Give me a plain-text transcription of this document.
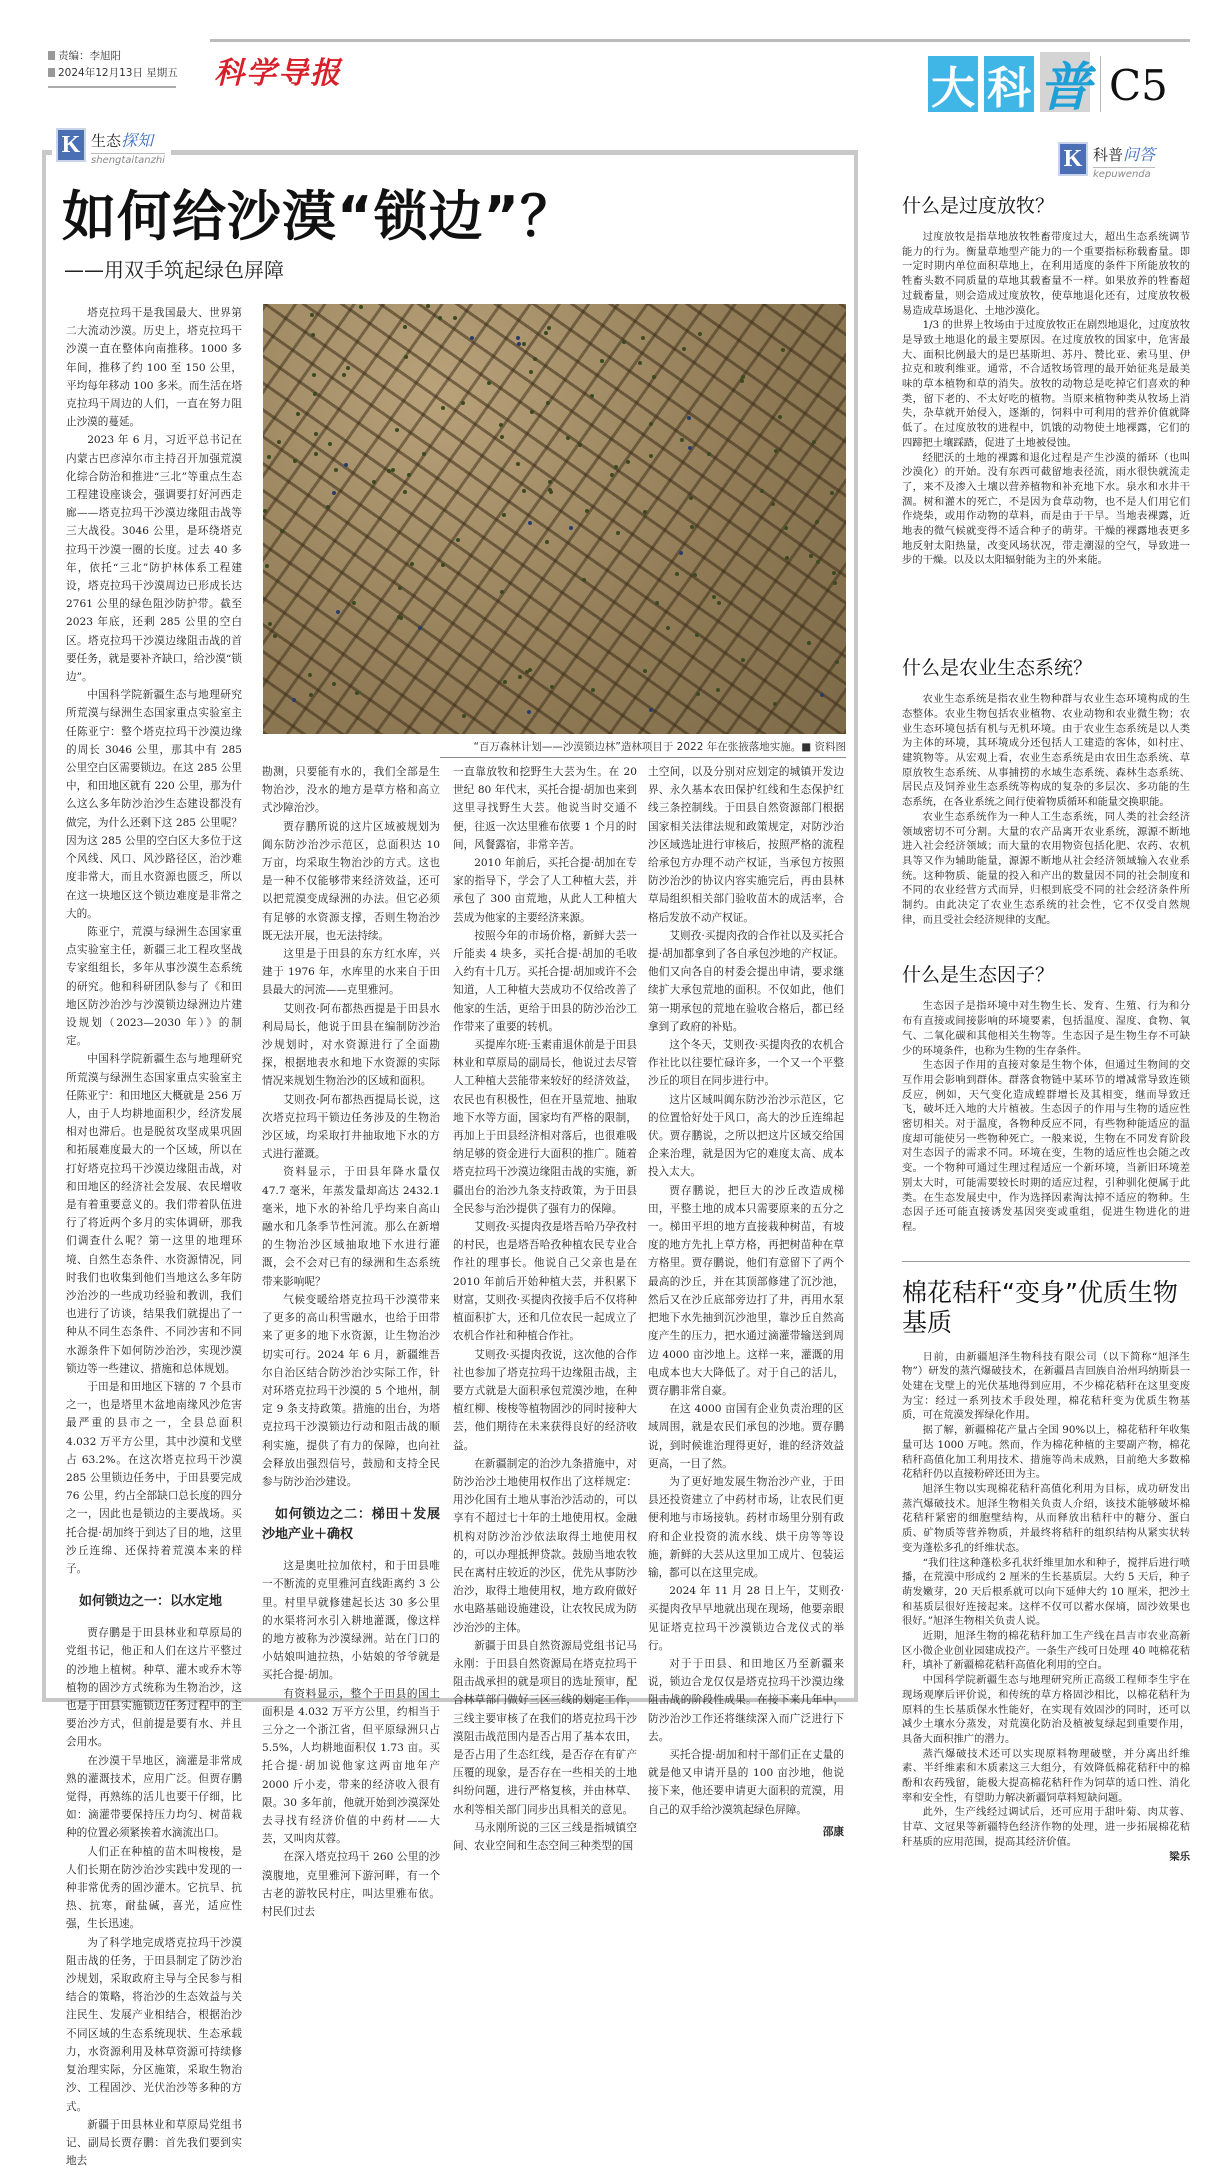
责编：李旭阳
2024年12月13日 星期五 科学导报	大 科 普 C5
K 生态探知
shengtaitanzhi
如何给沙漠“锁边”？
——用双手筑起绿色屏障
“百万森林计划——沙漠锁边林”造林项目于 2022 年在张掖落地实施。■ 资料图

塔克拉玛干是我国最大、世界第二大流动沙漠。历史上，塔克拉玛干沙漠一直在整体向南推移。1000 多年间，推移了约 100 至 150 公里，平均每年移动 100 多米。而生活在塔克拉玛干周边的人们，一直在努力阻止沙漠的蔓延。

2023 年 6 月，习近平总书记在内蒙古巴彦淖尔市主持召开加强荒漠化综合防治和推进“三北”等重点生态工程建设座谈会，强调要打好河西走廊——塔克拉玛干沙漠边缘阻击战等三大战役。3046 公里，是环绕塔克拉玛干沙漠一圈的长度。过去 40 多年，依托“三北”防护林体系工程建设，塔克拉玛干沙漠周边已形成长达 2761 公里的绿色阻沙防护带。截至 2023 年底，还剩 285 公里的空白区。塔克拉玛干沙漠边缘阻击战的首要任务，就是要补齐缺口，给沙漠“锁边”。

中国科学院新疆生态与地理研究所荒漠与绿洲生态国家重点实验室主任陈亚宁：整个塔克拉玛干沙漠边缘的周长 3046 公里，那其中有 285 公里空白区需要锁边。在这 285 公里中，和田地区就有 220 公里，那为什么这么多年防沙治沙生态建设都没有做完，为什么还剩下这 285 公里呢？因为这 285 公里的空白区大多位于这个风线、风口、风沙路径区，治沙难度非常大，而且水资源也匮乏，所以在这一块地区这个锁边难度是非常之大的。

陈亚宁，荒漠与绿洲生态国家重点实验室主任，新疆三北工程攻坚战专家组组长，多年从事沙漠生态系统的研究。他和科研团队参与了《和田地区防沙治沙与沙漠锁边绿洲边片建设规划（2023—2030 年）》的制定。

中国科学院新疆生态与地理研究所荒漠与绿洲生态国家重点实验室主任陈亚宁：和田地区大概就是 256 万人，由于人均耕地面积少，经济发展相对也滞后。也是脱贫攻坚成果巩固和拓展难度最大的一个区域，所以在打好塔克拉玛干沙漠边缘阻击战，对和田地区的经济社会发展、农民增收是有着重要意义的。我们带着队伍进行了将近两个多月的实体调研，那我们调查什么呢？第一这里的地理环境、自然生态条件、水资源情况，同时我们也收集到他们当地这么多年防沙治沙的一些成功经验和教训，我们也进行了访谈，结果我们就提出了一种从不同生态条件、不同沙害和不同水源条件下如何防沙治沙，实现沙漠锁边等一些建议、措施和总体规划。

于田是和田地区下辖的 7 个县市之一，也是塔里木盆地南缘风沙危害最严重的县市之一，全县总面积 4.032 万平方公里，其中沙漠和戈壁占 63.2%。在这次塔克拉玛干沙漠 285 公里锁边任务中，于田县要完成 76 公里，约占全部缺口总长度的四分之一，因此也是锁边的主要战场。买托合提·胡加终于到达了目的地，这里沙丘连绵、还保持着荒漠本来的样子。

如何锁边之一：以水定地

贾存鹏是于田县林业和草原局的党组书记，他正和人们在这片平整过的沙地上植树。种草、灌木或乔木等植物的固沙方式统称为生物治沙，这也是于田县实施锁边任务过程中的主要治沙方式，但前提是要有水、并且会用水。

在沙漠干旱地区，滴灌是非常成熟的灌溉技术，应用广泛。但贾存鹏觉得，再熟练的活儿也要干仔细，比如：滴灌带要保持压力均匀、树苗栽种的位置必须紧挨着水滴流出口。

人们正在种植的苗木叫梭梭，是人们长期在防沙治沙实践中发现的一种非常优秀的固沙灌木。它抗旱、抗热、抗寒，耐盐碱，喜光，适应性强，生长迅速。

为了科学地完成塔克拉玛干沙漠阻击战的任务，于田县制定了防沙治沙规划，采取政府主导与全民参与相结合的策略，将治沙的生态效益与关注民生、发展产业相结合，根据治沙不同区域的生态系统现状、生态承载力，水资源利用及林草资源可持续修复治理实际，分区施策，采取生物治沙、工程固沙、光伏治沙等多种的方式。

新疆于田县林业和草原局党组书记、副局长贾存鹏：首先我们要到实地去

勘测，只要能有水的，我们全部是生物治沙，没水的地方是草方格和高立式沙障治沙。

贾存鹏所说的这片区域被规划为阗东防沙治沙示范区，总面积达 10 万亩，均采取生物治沙的方式。这也是一种不仅能够带来经济效益，还可以把荒漠变成绿洲的办法。但它必须有足够的水资源支撑，否则生物治沙既无法开展，也无法持续。

这里是于田县的东方红水库，兴建于 1976 年，水库里的水来自于田县最大的河流——克里雅河。

艾则孜·阿布都热西提是于田县水利局局长，他说于田县在编制防沙治沙规划时，对水资源进行了全面勘探，根据地表水和地下水资源的实际情况来规划生物治沙的区域和面积。

艾则孜·阿布都热西提局长说，这次塔克拉玛干锁边任务涉及的生物治沙区域，均采取打井抽取地下水的方式进行灌溉。

资料显示，于田县年降水量仅 47.7 毫米，年蒸发量却高达 2432.1 毫米，地下水的补给几乎均来自高山融水和几条季节性河流。那么在新增的生物治沙区域抽取地下水进行灌溉，会不会对已有的绿洲和生态系统带来影响呢？

气候变暖给塔克拉玛干沙漠带来了更多的高山积雪融水，也给于田带来了更多的地下水资源，让生物治沙切实可行。2024 年 6 月，新疆维吾尔自治区结合防沙治沙实际工作，针对环塔克拉玛干沙漠的 5 个地州，制定 9 条支持政策。措施的出台，为塔克拉玛干沙漠锁边行动和阻击战的顺利实施，提供了有力的保障，也向社会释放出强烈信号，鼓励和支持全民参与防沙治沙建设。

如何锁边之二：梯田＋发展沙地产业＋确权

这是奥吐拉加依村，和于田县唯一不断流的克里雅河直线距离约 3 公里。村里早就修建起长达 30 多公里的水渠将河水引入耕地灌溉，像这样的地方被称为沙漠绿洲。站在门口的小姑娘叫迪拉热，小姑娘的爷爷就是买托合提·胡加。

有资料显示，整个于田县的国土面积是 4.032 万平方公里，约相当于三分之一个浙江省，但平原绿洲只占 5.5%，人均耕地面积仅 1.73 亩。买托合提·胡加说他家这两亩地年产 2000 斤小麦，带来的经济收入很有限。30 多年前，他就开始到沙漠深处去寻找有经济价值的中药材——大芸，又叫肉苁蓉。

在深入塔克拉玛干 260 公里的沙漠腹地，克里雅河下游河畔，有一个古老的游牧民村庄，叫达里雅布依。村民们过去

一直靠放牧和挖野生大芸为生。在 20 世纪 80 年代末，买托合提·胡加也来到这里寻找野生大芸。他说当时交通不便，往返一次达里雅布依要 1 个月的时间，风餐露宿，非常辛苦。

2010 年前后，买托合提·胡加在专家的指导下，学会了人工种植大芸，并承包了 300 亩荒地，从此人工种植大芸成为他家的主要经济来源。

按照今年的市场价格，新鲜大芸一斤能卖 4 块多，买托合提·胡加的毛收入约有十几万。买托合提·胡加或许不会知道，人工种植大芸成功不仅给改善了他家的生活，更给于田县的防沙治沙工作带来了重要的转机。

买提库尔班·玉素甫退休前是于田县林业和草原局的副局长，他说过去尽管人工种植大芸能带来较好的经济效益，农民也有积极性，但在开垦荒地、抽取地下水等方面，国家均有严格的限制，再加上于田县经济相对落后，也很难吸纳足够的资金进行大面积的推广。随着塔克拉玛干沙漠边缘阻击战的实施，新疆出台的治沙九条支持政策，为于田县全民参与治沙提供了强有力的保障。

艾则孜·买提肉孜是塔吾哈乃孕孜村的村民，也是塔吾哈孜种植农民专业合作社的理事长。他说自己父亲也是在 2010 年前后开始种植大芸，并积累下财富，艾则孜·买提肉孜接手后不仅将种植面积扩大，还和几位农民一起成立了农机合作社和种植合作社。

艾则孜·买提肉孜说，这次他的合作社也参加了塔克拉玛干边缘阻击战，主要方式就是大面积承包荒漠沙地，在种植红柳、梭梭等植物固沙的同时接种大芸，他们期待在未来获得良好的经济收益。

在新疆制定的治沙九条措施中，对防沙治沙土地使用权作出了这样规定：用沙化国有土地从事治沙活动的，可以享有不超过七十年的土地使用权。金融机构对防沙治沙依法取得土地使用权的，可以办理抵押贷款。鼓励当地农牧民在离村庄较近的沙区，优先从事防沙治沙，取得土地使用权，地方政府做好水电路基础设施建设，让农牧民成为防沙治沙的主体。

新疆于田县自然资源局党组书记马永刚：于田县自然资源局在塔克拉玛干阻击战承担的就是项目的选址预审，配合林草部门做好三区三线的划定工作，三线主要审核了在我们的塔克拉玛干沙漠阻击战范围内是否占用了基本农田，是否占用了生态红线，是否存在有矿产压覆的现象，是否存在一些相关的土地纠纷问题，进行严格复核，并由林草、水利等相关部门同步出具相关的意见。

马永刚所说的三区三线是指城镇空间、农业空间和生态空间三种类型的国

土空间，以及分别对应划定的城镇开发边界、永久基本农田保护红线和生态保护红线三条控制线。于田县自然资源部门根据国家相关法律法规和政策规定，对防沙治沙区域选址进行审核后，按照严格的流程给承包方办理不动产权证，当承包方按照防沙治沙的协议内容实施完后，再由县林草局组织相关部门验收苗木的成活率，合格后发放不动产权证。

艾则孜·买提肉孜的合作社以及买托合提·胡加都拿到了各自承包沙地的产权证。他们又向各自的村委会提出申请，要求继续扩大承包荒地的面积。不仅如此，他们第一期承包的荒地在验收合格后，都已经拿到了政府的补贴。

这个冬天，艾则孜·买提肉孜的农机合作社比以往要忙碌许多，一个又一个平整沙丘的项目在同步进行中。

这片区域叫阗东防沙治沙示范区，它的位置恰好处于风口，高大的沙丘连绵起伏。贾存鹏说，之所以把这片区域交给国企来治理，就是因为它的难度太高、成本投入太大。

贾存鹏说，把巨大的沙丘改造成梯田，平整土地的成本只需要原来的五分之一。梯田平坦的地方直接栽种树苗，有坡度的地方先扎上草方格，再把树苗种在草方格里。贾存鹏说，他们有意留下了两个最高的沙丘，并在其顶部修建了沉沙池，然后又在沙丘底部旁边打了井，再用水泵把地下水先抽到沉沙池里，靠沙丘自然高度产生的压力，把水通过滴灌带输送到周边 4000 亩沙地上。这样一来，灌溉的用电成本也大大降低了。对于自己的活儿，贾存鹏非常自豪。

在这 4000 亩国有企业负责治理的区域周围，就是农民们承包的沙地。贾存鹏说，到时候谁治理得更好，谁的经济效益更高，一目了然。

为了更好地发展生物治沙产业，于田县还投资建立了中药材市场，让农民们更便利地与市场接轨。药材市场里分别有政府和企业投资的流水线、烘干房等等设施，新鲜的大芸从这里加工成片、包装运输，都可以在这里完成。

2024 年 11 月 28 日上午，艾则孜·买提肉孜早早地就出现在现场，他要亲眼见证塔克拉玛干沙漠锁边合龙仪式的举行。

对于于田县、和田地区乃至新疆来说，锁边合龙仅仅是塔克拉玛干沙漠边缘阻击战的阶段性成果。在接下来几年中，防沙治沙工作还将继续深入而广泛进行下去。

买托合提·胡加和村干部们正在丈量的就是他又申请开垦的 100 亩沙地，他说接下来，他还要申请更大面积的荒漠，用自己的双手给沙漠筑起绿色屏障。

邵康

K 科普问答
kepuwenda
什么是过度放牧？

过度放牧是指草地放牧牲畜带度过大，超出生态系统调节能力的行为。衡量草地型产能力的一个重要指标称载畜量。即一定时期内单位面积草地上，在利用适度的条件下所能放牧的牲畜头数不同质量的草地其载畜量不一样。如果放养的牲畜超过载畜量，则会造成过度放牧，使草地退化还有，过度放牧极易造成草场退化、土地沙漠化。

1/3 的世界上牧场由于过度放牧正在剧烈地退化，过度放牧是导致土地退化的最主要原因。在过度放牧的国家中，危害最大、面积比例最大的是巴基斯坦、苏丹、赞比亚、索马里、伊拉克和玻利维亚。通常，不合适牧场管理的最开始征兆是最美味的草本植物和草的消失。放牧的动物总是吃掉它们喜欢的种类，留下老的、不太好吃的植物。当原来植物种类从牧场上消失，杂草就开始侵入，逐渐的，饲料中可利用的营养价值就降低了。在过度放牧的进程中，饥饿的动物使土地裸露，它们的四蹄把土壤踩踏，促进了土地被侵蚀。

经肥沃的土地的裸露和退化过程是产生沙漠的循环（也叫沙漠化）的开始。没有东西可截留地表径流，雨水很快就流走了，来不及渗入土壤以营养植物和补充地下水。泉水和水井干涸。树和灌木的死亡，不是因为食草动物，也不是人们用它们作烧柴，或用作动物的草料，而是由于干旱。当地表裸露，近地表的微气候就变得不适合种子的萌芽。干燥的裸露地表更多地反射太阳热量，改变风场状况，带走潮湿的空气，导致进一步的干燥。以及以太阳辐射能为主的外来能。

什么是农业生态系统？

农业生态系统是指农业生物种群与农业生态环境构成的生态整体。农业生物包括农业植物、农业动物和农业微生物；农业生态环境包括有机与无机环境。由于农业生态系统是以人类为主体的环境，其环境成分还包括人工建造的客体，如村庄、建筑物等。从宏观上看，农业生态系统是由农田生态系统、草原放牧生态系统、从事捕捞的水域生态系统、森林生态系统、居民点及饲养业生态系统等构成的复杂的多层次、多功能的生态系统，在各业系统之间行使着物质循环和能量交换职能。

农业生态系统作为一种人工生态系统，同人类的社会经济领域密切不可分割。大量的农产品离开农业系统，源源不断地进入社会经济领域；而大量的农用物资包括化肥、农药、农机具等又作为辅助能量，源源不断地从社会经济领域输入农业系统。这种物质、能量的投入和产出的数量因不同的社会制度和不同的农业经营方式而异，归根到底受不同的社会经济条件所制约。由此决定了农业生态系统的社会性，它不仅受自然规律，而且受社会经济规律的支配。

什么是生态因子？

生态因子是指环境中对生物生长、发育、生殖、行为和分布有直接或间接影响的环境要素，包括温度、湿度、食物、氧气、二氧化碳和其他相关生物等。生态因子是生物生存不可缺少的环境条件，也称为生物的生存条件。

生态因子作用的直接对象是生物个体，但通过生物间的交互作用会影响到群体。群落食物链中某环节的增减常导致连锁反应，例如，天气变化造成蝗群增长及其相变，继而导致迁飞，破坏迁入地的大片植被。生态因子的作用与生物的适应性密切相关。对于温度，各物种反应不同，有些物种能适应的温度却可能使另一些物种死亡。一般来说，生物在不同发育阶段对生态因子的需求不同。环境在变，生物的适应性也会随之改变。一个物种可通过生理过程适应一个新环境，当新旧环境差别太大时，可能需要较长时期的适应过程，引种驯化便属于此类。在生态发展史中，作为选择因素淘汰掉不适应的物种。生态因子还可能直接诱发基因突变或重组，促进生物进化的进程。

棉花秸秆“变身”优质生物基质

日前，由新疆旭泽生物科技有限公司（以下简称“旭泽生物”）研发的蒸汽爆破技术，在新疆昌吉回族自治州玛纳斯县一处建在戈壁上的光伏基地得到应用，不少棉花秸秆在这里变废为宝：经过一系列技术手段处理，棉花秸秆变为优质生物基质，可在荒漠发挥绿化作用。

据了解，新疆棉花产量占全国 90%以上，棉花秸秆年收集量可达 1000 万吨。然而，作为棉花种植的主要副产物，棉花秸秆高值化加工利用技术、措施等尚未成熟，目前绝大多数棉花秸秆仍以直接粉碎还田为主。

旭泽生物以实现棉花秸秆高值化利用为目标，成功研发出蒸汽爆破技术。旭泽生物相关负责人介绍，该技术能够破坏棉花秸秆紧密的细胞壁结构，从而释放出秸秆中的糖分、蛋白质、矿物质等营养物质，并最终将秸秆的组织结构从紧实状转变为蓬松多孔的纤维状态。

“我们往这种蓬松多孔状纤维里加水和种子，搅拌后进行喷播，在荒漠中形成约 2 厘米的生长基质层。大约 5 天后，种子萌发嫩芽，20 天后根系就可以向下延伸大约 10 厘米，把沙土和基质层很好连接起来。这样不仅可以蓄水保墒，固沙效果也很好。”旭泽生物相关负责人说。

近期，旭泽生物的棉花秸秆加工生产线在昌吉市农业高新区小微企业创业园建成投产。一条生产线可日处理 40 吨棉花秸秆，填补了新疆棉花秸秆高值化利用的空白。

中国科学院新疆生态与地理研究所正高级工程师李生宇在现场观摩后评价说，和传统的草方格固沙相比，以棉花秸秆为原料的生长基质保水性能好，在实现有效固沙的同时，还可以减少土壤水分蒸发，对荒漠化防治及植被复绿起到重要作用，具备大面积推广的潜力。

蒸汽爆破技术还可以实现原料物理破壁，并分离出纤维素、半纤维素和木质素这三大组分，有效降低棉花秸秆中的棉酚和农药残留，能极大提高棉花秸秆作为饲草的适口性、消化率和安全性，有望助力解决新疆饲草料短缺问题。

此外，生产线经过调试后，还可应用于甜叶菊、肉苁蓉、甘草、文冠果等新疆特色经济作物的处理，进一步拓展棉花秸秆基质的应用范围，提高其经济价值。

梁乐
